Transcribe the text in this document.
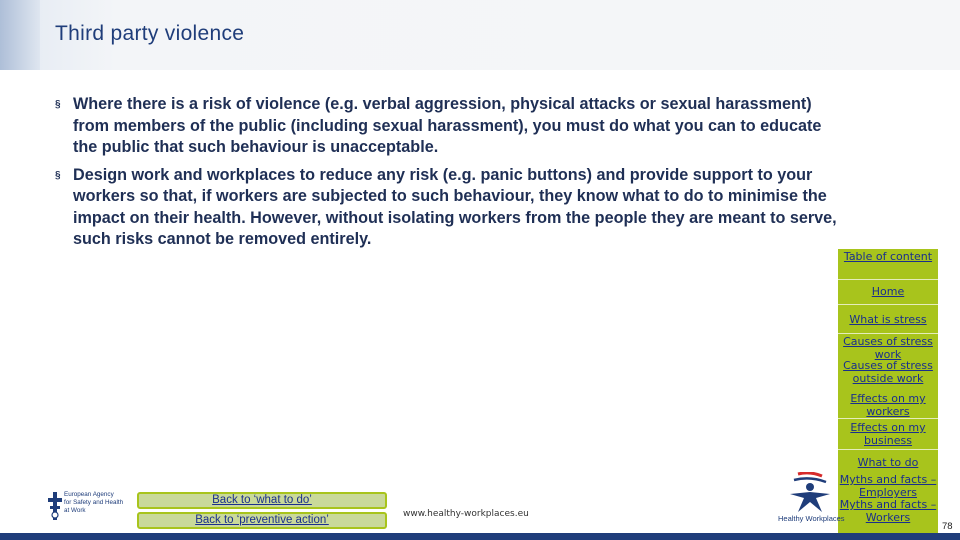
Third party violence
§ Where there is a risk of violence (e.g. verbal aggression, physical attacks or sexual harassment) from members of the public (including sexual harassment), you must do what you can to educate the public that such behaviour is unacceptable.
§ Design work and workplaces to reduce any risk (e.g. panic buttons) and provide support to your workers so that, if workers are subjected to such behaviour, they know what to do to minimise the impact on their health. However, without isolating workers from the people they are meant to serve, such risks cannot be removed entirely.
Table of content
Home
What is stress
Causes of stress work
Causes of stress outside work
Effects on my workers
Effects on my business
What to do
Myths and facts – Employers
Myths and facts – Workers
European Agency
for Safety and Health
at Work
Back to ‘what to do’
Back to ‘preventive action’	www.healthy-workplaces.eu	Healthy Workplaces
78
